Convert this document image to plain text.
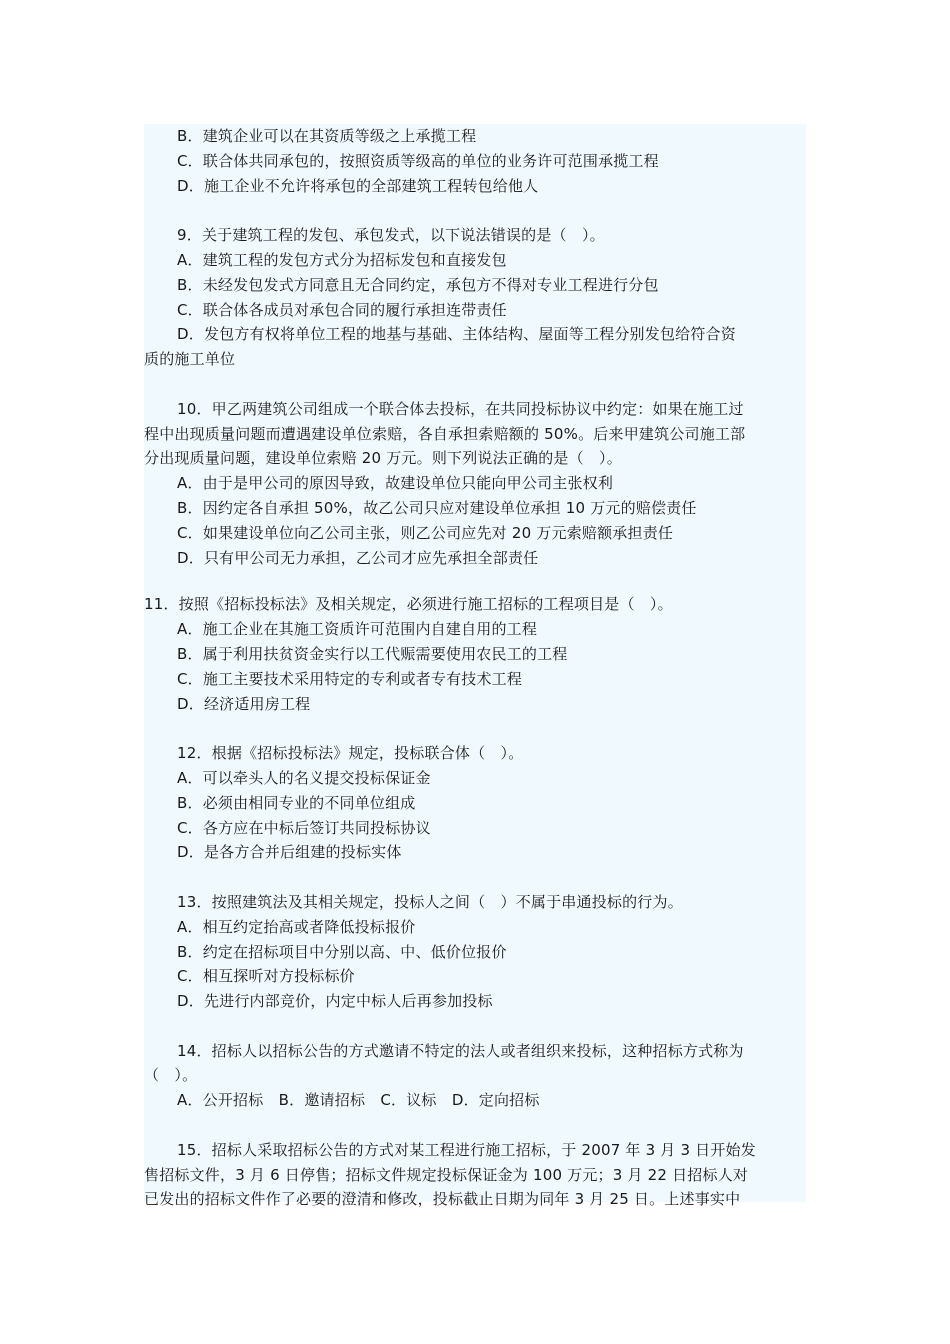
B．建筑企业可以在其资质等级之上承揽工程
C．联合体共同承包的，按照资质等级高的单位的业务许可范围承揽工程
D．施工企业不允许将承包的全部建筑工程转包给他人
9．关于建筑工程的发包、承包发式，以下说法错误的是（　）。
A．建筑工程的发包方式分为招标发包和直接发包
B．未经发包发式方同意且无合同约定，承包方不得对专业工程进行分包
C．联合体各成员对承包合同的履行承担连带责任
D．发包方有权将单位工程的地基与基础、主体结构、屋面等工程分别发包给符合资
质的施工单位
10．甲乙两建筑公司组成一个联合体去投标，在共同投标协议中约定：如果在施工过
程中出现质量问题而遭遇建设单位索赔，各自承担索赔额的 50%。后来甲建筑公司施工部
分出现质量问题，建设单位索赔 20 万元。则下列说法正确的是（　）。
A．由于是甲公司的原因导致，故建设单位只能向甲公司主张权利
B．因约定各自承担 50%，故乙公司只应对建设单位承担 10 万元的赔偿责任
C．如果建设单位向乙公司主张，则乙公司应先对 20 万元索赔额承担责任
D．只有甲公司无力承担，乙公司才应先承担全部责任
11．按照《招标投标法》及相关规定，必须进行施工招标的工程项目是（　）。
A．施工企业在其施工资质许可范围内自建自用的工程
B．属于利用扶贫资金实行以工代赈需要使用农民工的工程
C．施工主要技术采用特定的专利或者专有技术工程
D．经济适用房工程
12．根据《招标投标法》规定，投标联合体（　）。
A．可以牵头人的名义提交投标保证金
B．必须由相同专业的不同单位组成
C．各方应在中标后签订共同投标协议
D．是各方合并后组建的投标实体
13．按照建筑法及其相关规定，投标人之间（　）不属于串通投标的行为。
A．相互约定抬高或者降低投标报价
B．约定在招标项目中分别以高、中、低价位报价
C．相互探听对方投标标价
D．先进行内部竞价，内定中标人后再参加投标
14．招标人以招标公告的方式邀请不特定的法人或者组织来投标，这种招标方式称为
（　）。
A．公开招标　B．邀请招标　C．议标　D．定向招标
15．招标人采取招标公告的方式对某工程进行施工招标，于 2007 年 3 月 3 日开始发
售招标文件，3 月 6 日停售；招标文件规定投标保证金为 100 万元；3 月 22 日招标人对
已发出的招标文件作了必要的澄清和修改，投标截止日期为同年 3 月 25 日。上述事实中
